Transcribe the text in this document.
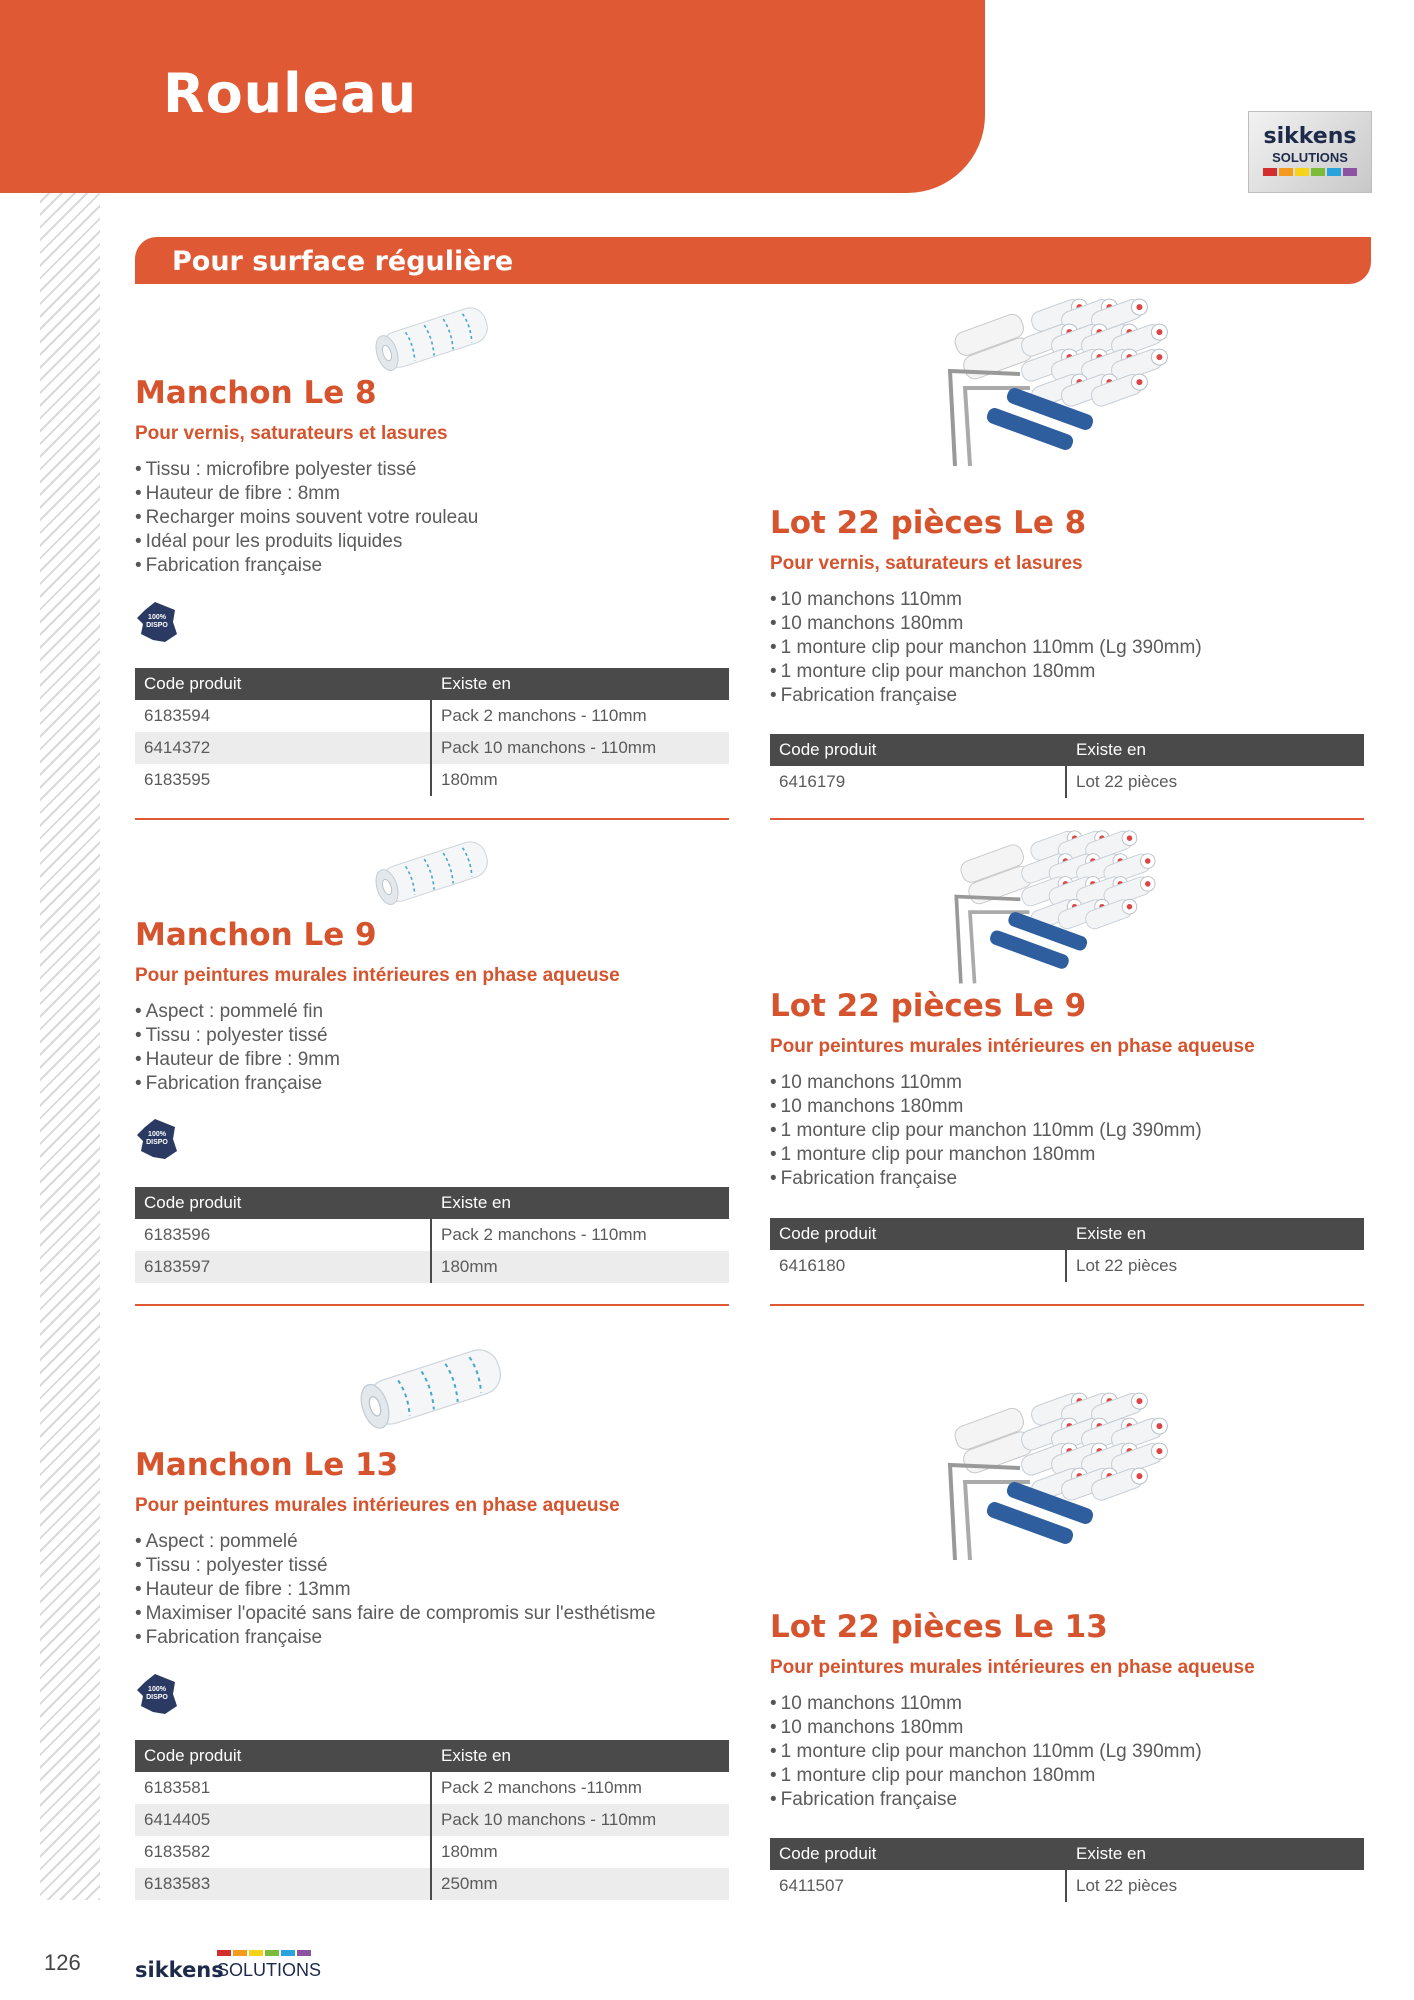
Rouleau
sikkens
SOLUTIONS
Pour surface régulière
Manchon Le 8
Pour vernis, saturateurs et lasures
• Tissu : microfibre polyester tissé
• Hauteur de fibre : 8mm
• Recharger moins souvent votre rouleau
• Idéal pour les produits liquides
• Fabrication française
100% DISPO
Code produit	Existe en
6183594	Pack 2 manchons - 110mm
6414372	Pack 10 manchons - 110mm
6183595	180mm
Lot 22 pièces Le 8
Pour vernis, saturateurs et lasures
• 10 manchons 110mm
• 10 manchons 180mm
• 1 monture clip pour manchon 110mm (Lg 390mm)
• 1 monture clip pour manchon 180mm
• Fabrication française
Code produit	Existe en
6416179	Lot 22 pièces
Manchon Le 9
Pour peintures murales intérieures en phase aqueuse
• Aspect : pommelé fin
• Tissu : polyester tissé
• Hauteur de fibre : 9mm
• Fabrication française
100% DISPO
Code produit	Existe en
6183596	Pack 2 manchons - 110mm
6183597	180mm
Lot 22 pièces Le 9
Pour peintures murales intérieures en phase aqueuse
• 10 manchons 110mm
• 10 manchons 180mm
• 1 monture clip pour manchon 110mm (Lg 390mm)
• 1 monture clip pour manchon 180mm
• Fabrication française
Code produit	Existe en
6416180	Lot 22 pièces
Manchon Le 13
Pour peintures murales intérieures en phase aqueuse
• Aspect : pommelé
• Tissu : polyester tissé
• Hauteur de fibre : 13mm
• Maximiser l'opacité sans faire de compromis sur l'esthétisme
• Fabrication française
100% DISPO
Code produit	Existe en
6183581	Pack 2 manchons -110mm
6414405	Pack 10 manchons - 110mm
6183582	180mm
6183583	250mm
Lot 22 pièces Le 13
Pour peintures murales intérieures en phase aqueuse
• 10 manchons 110mm
• 10 manchons 180mm
• 1 monture clip pour manchon 110mm (Lg 390mm)
• 1 monture clip pour manchon 180mm
• Fabrication française
Code produit	Existe en
6411507	Lot 22 pièces
126	sikkens
SOLUTIONS
